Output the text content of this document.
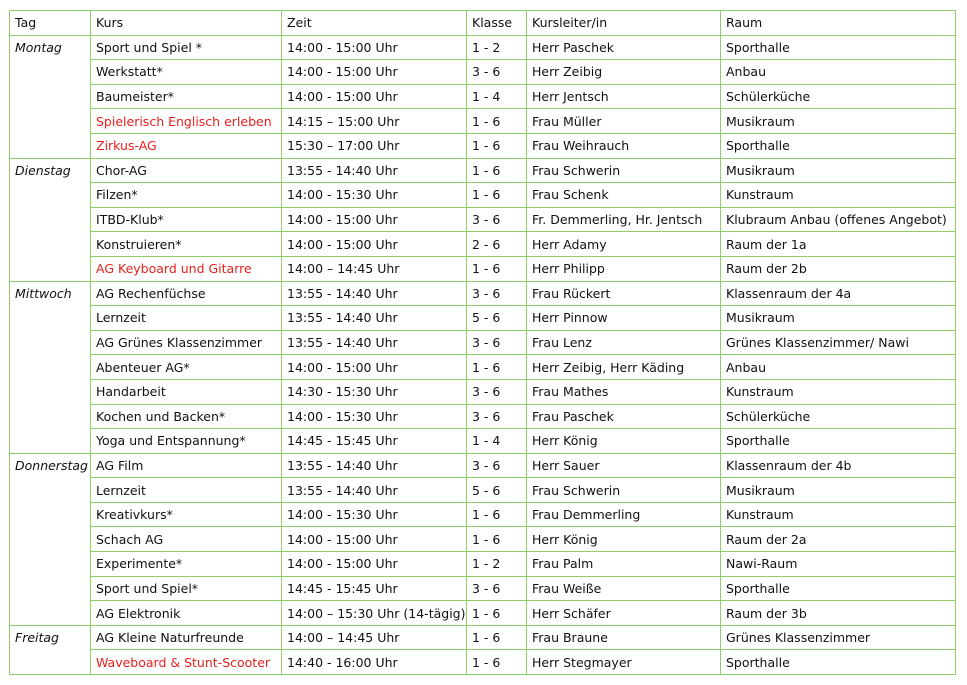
Tag	Kurs	Zeit	Klasse	Kursleiter/in	Raum
Montag	Sport und Spiel *	14:00 - 15:00 Uhr	1 - 2	Herr Paschek	Sporthalle
	Werkstatt*	14:00 - 15:00 Uhr	3 - 6	Herr Zeibig	Anbau
	Baumeister*	14:00 - 15:00 Uhr	1 - 4	Herr Jentsch	Schülerküche
	Spielerisch Englisch erleben	14:15 – 15:00 Uhr	1 - 6	Frau Müller	Musikraum
	Zirkus-AG	15:30 – 17:00 Uhr	1 - 6	Frau Weihrauch	Sporthalle
Dienstag	Chor-AG	13:55 - 14:40 Uhr	1 - 6	Frau Schwerin	Musikraum
	Filzen*	14:00 - 15:30 Uhr	1 - 6	Frau Schenk	Kunstraum
	ITBD-Klub*	14:00 - 15:00 Uhr	3 - 6	Fr. Demmerling, Hr. Jentsch	Klubraum Anbau (offenes Angebot)
	Konstruieren*	14:00 - 15:00 Uhr	2 - 6	Herr Adamy	Raum der 1a
	AG Keyboard und Gitarre	14:00 – 14:45 Uhr	1 - 6	Herr Philipp	Raum der 2b
Mittwoch	AG Rechenfüchse	13:55 - 14:40 Uhr	3 - 6	Frau Rückert	Klassenraum der 4a
	Lernzeit	13:55 - 14:40 Uhr	5 - 6	Herr Pinnow	Musikraum
	AG Grünes Klassenzimmer	13:55 - 14:40 Uhr	3 - 6	Frau Lenz	Grünes Klassenzimmer/ Nawi
	Abenteuer AG*	14:00 - 15:00 Uhr	1 - 6	Herr Zeibig, Herr Käding	Anbau
	Handarbeit	14:30 - 15:30 Uhr	3 - 6	Frau Mathes	Kunstraum
	Kochen und Backen*	14:00 - 15:30 Uhr	3 - 6	Frau Paschek	Schülerküche
	Yoga und Entspannung*	14:45 - 15:45 Uhr	1 - 4	Herr König	Sporthalle
Donnerstag	AG Film	13:55 - 14:40 Uhr	3 - 6	Herr Sauer	Klassenraum der 4b
	Lernzeit	13:55 - 14:40 Uhr	5 - 6	Frau Schwerin	Musikraum
	Kreativkurs*	14:00 - 15:30 Uhr	1 - 6	Frau Demmerling	Kunstraum
	Schach AG	14:00 - 15:00 Uhr	1 - 6	Herr König	Raum der 2a
	Experimente*	14:00 - 15:00 Uhr	1 - 2	Frau Palm	Nawi-Raum
	Sport und Spiel*	14:45 - 15:45 Uhr	3 - 6	Frau Weiße	Sporthalle
	AG Elektronik	14:00 – 15:30 Uhr (14-tägig)	1 - 6	Herr Schäfer	Raum der 3b
Freitag	AG Kleine Naturfreunde	14:00 – 14:45 Uhr	1 - 6	Frau Braune	Grünes Klassenzimmer
	Waveboard & Stunt-Scooter	14:40 - 16:00 Uhr	1 - 6	Herr Stegmayer	Sporthalle
